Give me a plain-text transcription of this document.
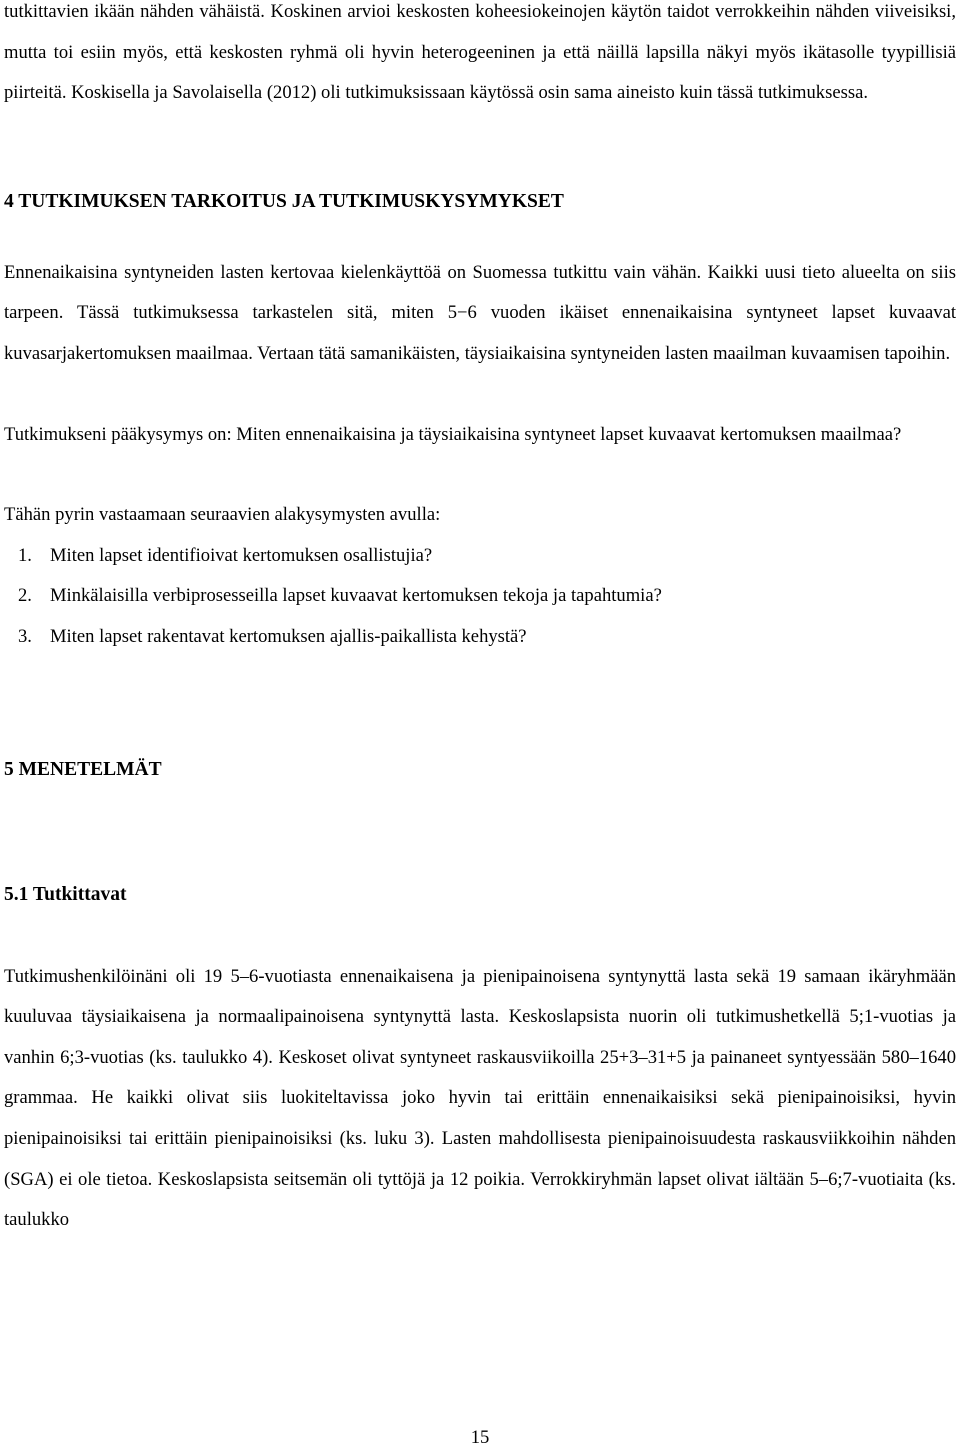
tutkittavien ikään nähden vähäistä. Koskinen arvioi keskosten koheesiokeinojen käytön taidot verrokkeihin nähden viiveisiksi, mutta toi esiin myös, että keskosten ryhmä oli hyvin heterogeeninen ja että näillä lapsilla näkyi myös ikätasolle tyypillisiä piirteitä. Koskisella ja Savolaisella (2012) oli tutkimuksissaan käytössä osin sama aineisto kuin tässä tutkimuksessa.

4 TUTKIMUKSEN TARKOITUS JA TUTKIMUSKYSYMYKSET

Ennenaikaisina syntyneiden lasten kertovaa kielenkäyttöä on Suomessa tutkittu vain vähän. Kaikki uusi tieto alueelta on siis tarpeen. Tässä tutkimuksessa tarkastelen sitä, miten 5−6 vuoden ikäiset ennenaikaisina syntyneet lapset kuvaavat kuvasarjakertomuksen maailmaa. Vertaan tätä samanikäisten, täysiaikaisina syntyneiden lasten maailman kuvaamisen tapoihin.

Tutkimukseni pääkysymys on: Miten ennenaikaisina ja täysiaikaisina syntyneet lapset kuvaavat kertomuksen maailmaa?

Tähän pyrin vastaamaan seuraavien alakysymysten avulla:

1. Miten lapset identifioivat kertomuksen osallistujia?
2. Minkälaisilla verbiprosesseilla lapset kuvaavat kertomuksen tekoja ja tapahtumia?
3. Miten lapset rakentavat kertomuksen ajallis-paikallista kehystä?
5 MENETELMÄT
5.1 Tutkittavat

Tutkimushenkilöinäni oli 19 5–6-vuotiasta ennenaikaisena ja pienipainoisena syntynyttä lasta sekä 19 samaan ikäryhmään kuuluvaa täysiaikaisena ja normaalipainoisena syntynyttä lasta. Keskoslapsista nuorin oli tutkimushetkellä 5;1-vuotias ja vanhin 6;3-vuotias (ks. taulukko 4). Keskoset olivat syntyneet raskausviikoilla 25+3–31+5 ja painaneet syntyessään 580–1640 grammaa. He kaikki olivat siis luokiteltavissa joko hyvin tai erittäin ennenaikaisiksi sekä pienipainoisiksi, hyvin pienipainoisiksi tai erittäin pienipainoisiksi (ks. luku 3). Lasten mahdollisesta pienipainoisuudesta raskausviikkoihin nähden (SGA) ei ole tietoa. Keskoslapsista seitsemän oli tyttöjä ja 12 poikia. Verrokkiryhmän lapset olivat iältään 5–6;7-vuotiaita (ks. taulukko

15
